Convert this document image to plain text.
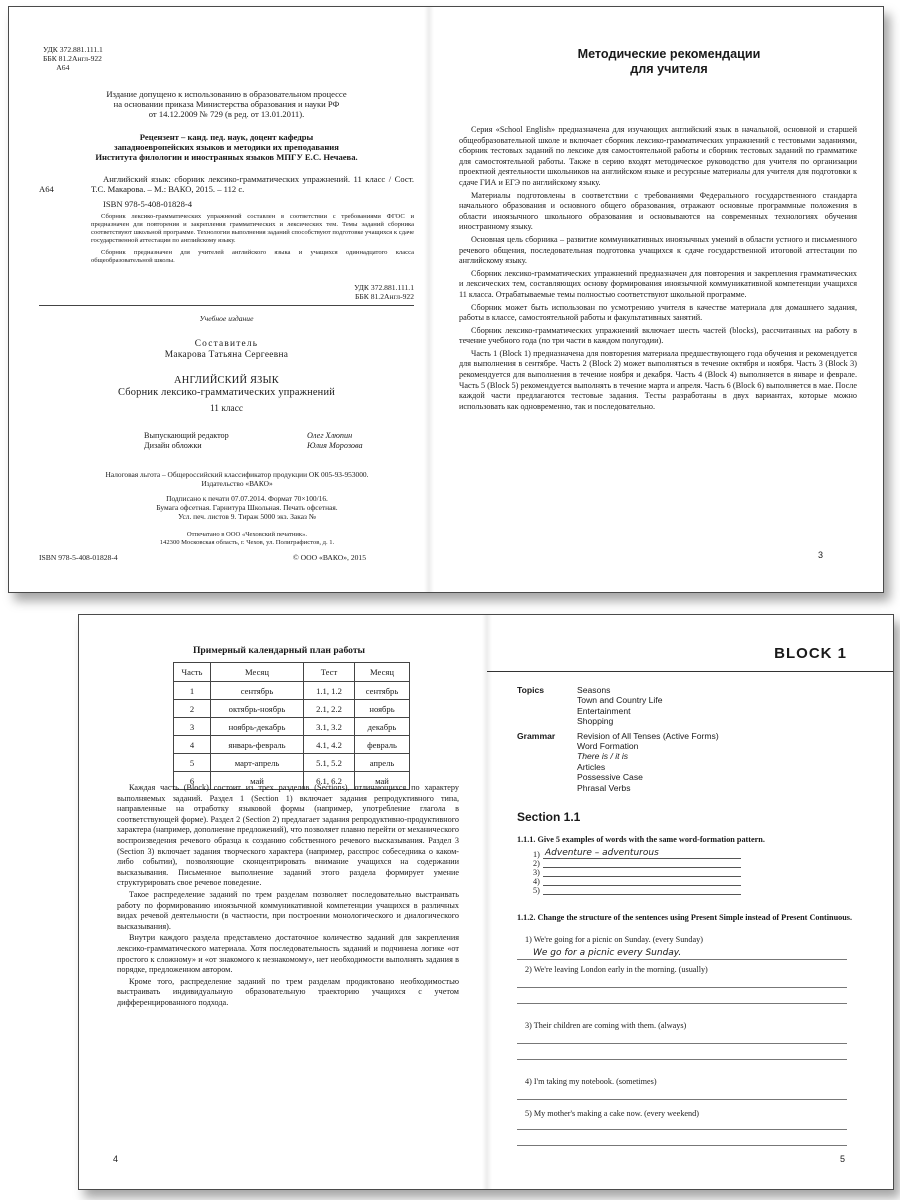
УДК 372.881.111.1
ББК 81.2Англ-922
А64
Издание допущено к использованию в образовательном процессе
на основании приказа Министерства образования и науки РФ
от 14.12.2009 № 729 (в ред. от 13.01.2011).
Рецензент – канд. пед. наук, доцент кафедры
западноевропейских языков и методики их преподавания
Института филологии и иностранных языков МПГУ Е.С. Нечаева.
А64

Английский язык: сборник лексико-грамматических упражнений. 11 класс / Сост. Т.С. Макарова. – М.: ВАКО, 2015. – 112 с.

ISBN 978-5-408-01828-4

Сборник лексико-грамматических упражнений составлен в соответствии с требованиями ФГОС и предназначен для повторения и закрепления грамматических и лексических тем. Темы заданий сборника соответствуют школьной программе. Технологии выполнения заданий способствуют подготовке учащихся к сдаче государственной аттестации по английскому языку.

Сборник предназначен для учителей английского языка и учащихся одиннадцатого класса общеобразовательной школы.

УДК 372.881.111.1
ББК 81.2Англ-922
Учебное издание
Составитель
Макарова Татьяна Сергеевна
АНГЛИЙСКИЙ ЯЗЫК
Сборник лексико-грамматических упражнений
11 класс
Выпускающий редактор	Олег Хлюпин
Дизайн обложки	Юлия Морозова
Налоговая льгота – Общероссийский классификатор продукции ОК 005-93-953000.
Издательство «ВАКО»
Подписано к печати 07.07.2014. Формат 70×100/16.
Бумага офсетная. Гарнитура Школьная. Печать офсетная.
Усл. печ. листов 9. Тираж 5000 экз. Заказ №
Отпечатано в ООО «Чеховский печатник».
142300 Московская область, г. Чехов, ул. Полиграфистов, д. 1.
ISBN 978-5-408-01828-4	© ООО «ВАКО», 2015
Методические рекомендации
для учителя

Серия «School English» предназначена для изучающих английский язык в начальной, основной и старшей общеобразовательной школе и включает сборник лексико-грамматических упражнений с тестовыми заданиями, сборник тестовых заданий по лексике для самостоятельной работы и сборник тестовых заданий по грамматике для самостоятельной работы. Также в серию входят методическое руководство для учителя по организации проектной деятельности школьников на английском языке и ресурсные материалы для учителя для подготовки к сдаче ГИА и ЕГЭ по английскому языку.

Материалы подготовлены в соответствии с требованиями Федерального государственного стандарта начального образования и основного общего образования, отражают основные программные положения в области иноязычного школьного образования и основываются на современных технологиях обучения иностранному языку.

Основная цель сборника – развитие коммуникативных иноязычных умений в области устного и письменного речевого общения, последовательная подготовка учащихся к сдаче государственной итоговой аттестации по английскому языку.

Сборник лексико-грамматических упражнений предназначен для повторения и закрепления грамматических и лексических тем, составляющих основу формирования иноязычной коммуникативной компетенции учащихся 11 класса. Отрабатываемые темы полностью соответствуют школьной программе.

Сборник может быть использован по усмотрению учителя в качестве материала для домашнего задания, работы в классе, самостоятельной работы и факультативных занятий.

Сборник лексико-грамматических упражнений включает шесть частей (blocks), рассчитанных на работу в течение учебного года (по три части в каждом полугодии).

Часть 1 (Block 1) предназначена для повторения материала предшествующего года обучения и рекомендуется для выполнения в сентябре. Часть 2 (Block 2) может выполняться в течение октября и ноября. Часть 3 (Block 3) рекомендуется для выполнения в течение ноября и декабря. Часть 4 (Block 4) выполняется в январе и феврале. Часть 5 (Block 5) рекомендуется выполнять в течение марта и апреля. Часть 6 (Block 6) выполняется в мае. После каждой части предлагаются тестовые задания. Тесты разработаны в двух вариантах, которые можно использовать как одновременно, так и последовательно.

3
Примерный календарный план работы
Часть	Месяц	Тест	Месяц
1	сентябрь	1.1, 1.2	сентябрь
2	октябрь-ноябрь	2.1, 2.2	ноябрь
3	ноябрь-декабрь	3.1, 3.2	декабрь
4	январь-февраль	4.1, 4.2	февраль
5	март-апрель	5.1, 5.2	апрель
6	май	6.1, 6.2	май

Каждая часть (Block) состоит из трех разделов (Sections), отличающихся по характеру выполняемых заданий. Раздел 1 (Section 1) включает задания репродуктивного типа, направленные на отработку языковой формы (например, употребление глагола в соответствующей форме). Раздел 2 (Section 2) предлагает задания репродуктивно-продуктивного характера (например, дополнение предложений), что позволяет плавно перейти от механического воспроизведения речевого образца к созданию собственного речевого высказывания. Раздел 3 (Section 3) включает задания творческого характера (например, расспрос собеседника о каком-либо событии), позволяющие сконцентрировать внимание учащихся на содержании высказывания. Письменное выполнение заданий этого раздела формирует умение структурировать свое речевое поведение.

Такое распределение заданий по трем разделам позволяет последовательно выстраивать работу по формированию иноязычной коммуникативной компетенции учащихся в различных видах речевой деятельности (в частности, при построении монологического и диалогического высказывания).

Внутри каждого раздела представлено достаточное количество заданий для закрепления лексико-грамматического материала. Хотя последовательность заданий и подчинена логике «от простого к сложному» и «от знакомого к незнакомому», нет необходимости выполнять задания в порядке, предложенном автором.

Кроме того, распределение заданий по трем разделам продиктовано необходимостью выстраивать индивидуальную образовательную траекторию учащихся с учетом дифференцированного подхода.

4
BLOCK 1
Topics	Seasons
Town and Country Life
Entertainment
Shopping
Grammar	Revision of All Tenses (Active Forms)
Word Formation
There is / it is
Articles
Possessive Case
Phrasal Verbs
Section 1.1
1.1.1. Give 5 examples of words with the same word-formation pattern.
1) Adventure – adventurous
2)
3)
4)
5)
1.1.2. Change the structure of the sentences using Present Simple instead of Present Continuous.
1) We're going for a picnic on Sunday. (every Sunday)
We go for a picnic every Sunday.
2) We're leaving London early in the morning. (usually)
3) Their children are coming with them. (always)
4) I'm taking my notebook. (sometimes)
5) My mother's making a cake now. (every weekend)
5
